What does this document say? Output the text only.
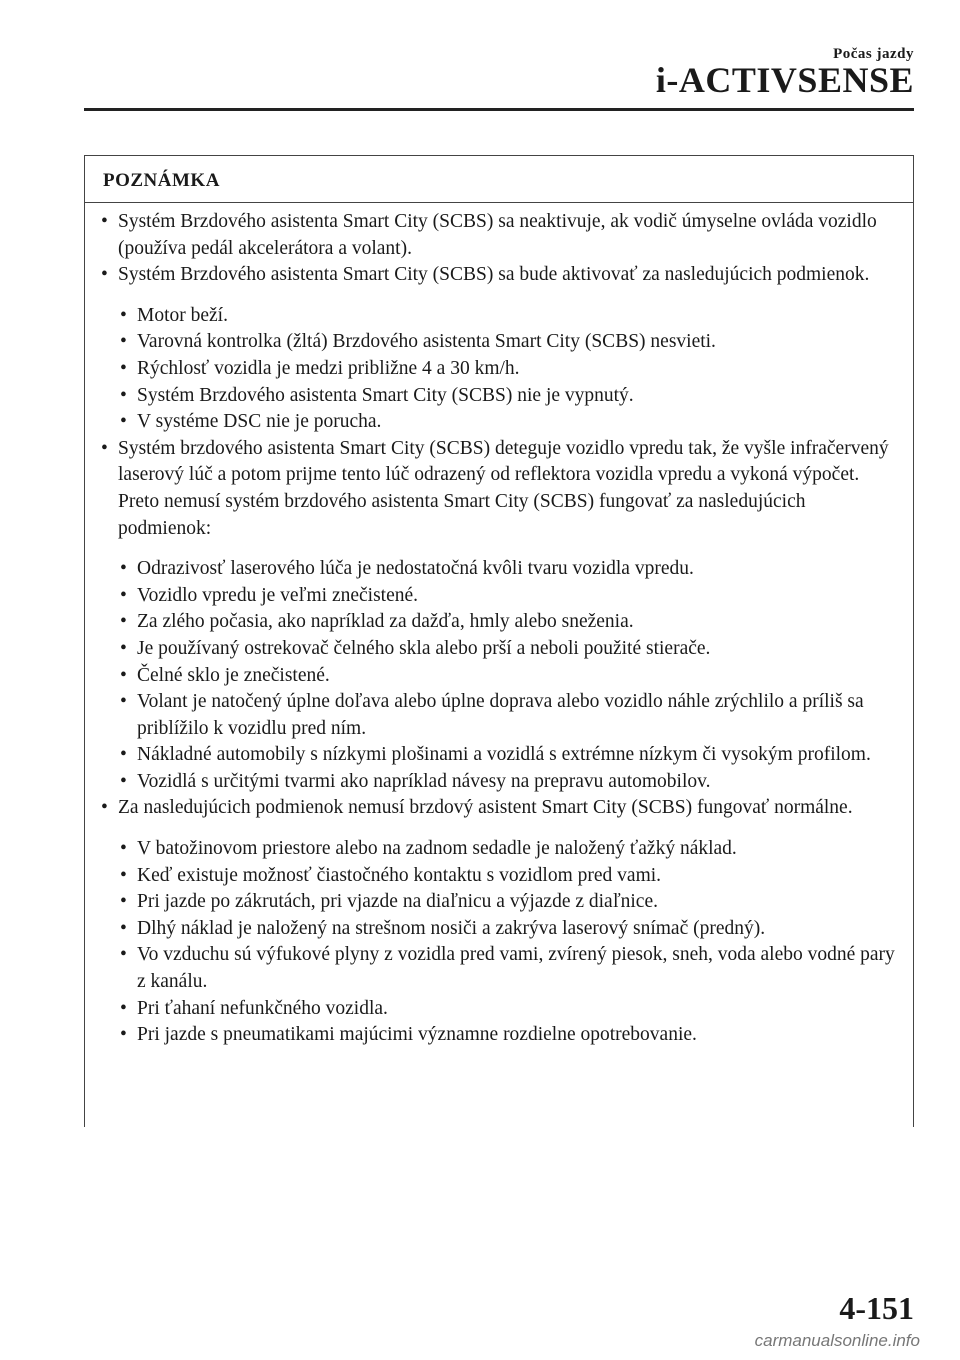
Počas jazdy
i-ACTIVSENSE
POZNÁMKA
• Systém Brzdového asistenta Smart City (SCBS) sa neaktivuje, ak vodič úmyselne ovláda vozidlo (používa pedál akcelerátora a volant).
• Systém Brzdového asistenta Smart City (SCBS) sa bude aktivovať za nasledujúcich podmienok.
• Motor beží.
• Varovná kontrolka (žltá) Brzdového asistenta Smart City (SCBS) nesvieti.
• Rýchlosť vozidla je medzi približne 4 a 30 km/h.
• Systém Brzdového asistenta Smart City (SCBS) nie je vypnutý.
• V systéme DSC nie je porucha.
• Systém brzdového asistenta Smart City (SCBS) deteguje vozidlo vpredu tak, že vyšle infračervený laserový lúč a potom prijme tento lúč odrazený od reflektora vozidla vpredu a vykoná výpočet. Preto nemusí systém brzdového asistenta Smart City (SCBS) fungovať za nasledujúcich podmienok:
• Odrazivosť laserového lúča je nedostatočná kvôli tvaru vozidla vpredu.
• Vozidlo vpredu je veľmi znečistené.
• Za zlého počasia, ako napríklad za dažďa, hmly alebo sneženia.
• Je používaný ostrekovač čelného skla alebo prší a neboli použité stierače.
• Čelné sklo je znečistené.
• Volant je natočený úplne doľava alebo úplne doprava alebo vozidlo náhle zrýchlilo a príliš sa priblížilo k vozidlu pred ním.
• Nákladné automobily s nízkymi plošinami a vozidlá s extrémne nízkym či vysokým profilom.
• Vozidlá s určitými tvarmi ako napríklad návesy na prepravu automobilov.
• Za nasledujúcich podmienok nemusí brzdový asistent Smart City (SCBS) fungovať normálne.
• V batožinovom priestore alebo na zadnom sedadle je naložený ťažký náklad.
• Keď existuje možnosť čiastočného kontaktu s vozidlom pred vami.
• Pri jazde po zákrutách, pri vjazde na diaľnicu a výjazde z diaľnice.
• Dlhý náklad je naložený na strešnom nosiči a zakrýva laserový snímač (predný).
• Vo vzduchu sú výfukové plyny z vozidla pred vami, zvírený piesok, sneh, voda alebo vodné pary z kanálu.
• Pri ťahaní nefunkčného vozidla.
• Pri jazde s pneumatikami majúcimi významne rozdielne opotrebovanie.
4-151
carmanualsonline.info
